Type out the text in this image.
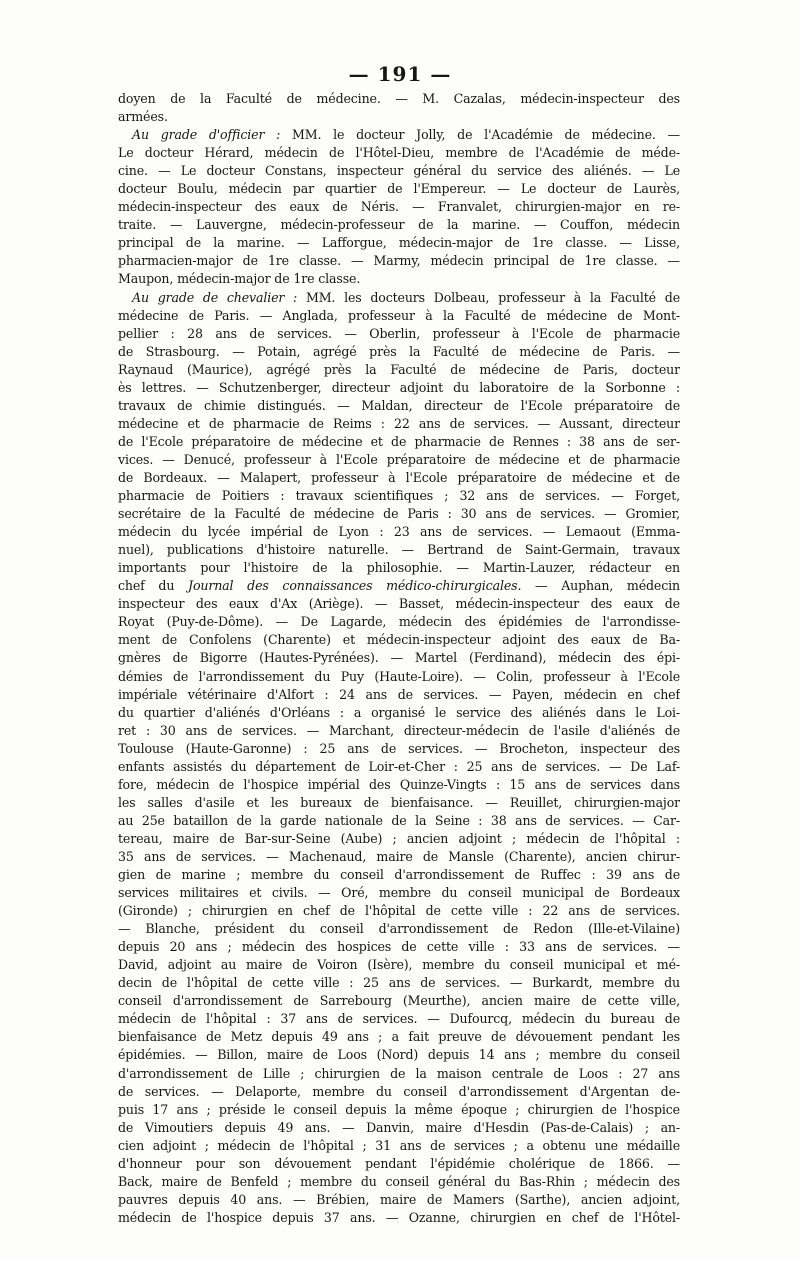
— 191 —
doyen de la Faculté de médecine. — M. Cazalas, médecin-inspecteur des
armées.
Au grade d'officier : MM. le docteur Jolly, de l'Académie de médecine. —
Le docteur Hérard, médecin de l'Hôtel-Dieu, membre de l'Académie de méde-
cine. — Le docteur Constans, inspecteur général du service des aliénés. — Le
docteur Boulu, médecin par quartier de l'Empereur. — Le docteur de Laurès,
médecin-inspecteur des eaux de Néris. — Franvalet, chirurgien-major en re-
traite. — Lauvergne, médecin-professeur de la marine. — Couffon, médecin
principal de la marine. — Lafforgue, médecin-major de 1re classe. — Lisse,
pharmacien-major de 1re classe. — Marmy, médecin principal de 1re classe. —
Maupon, médecin-major de 1re classe.
Au grade de chevalier : MM. les docteurs Dolbeau, professeur à la Faculté de
médecine de Paris. — Anglada, professeur à la Faculté de médecine de Mont-
pellier : 28 ans de services. — Oberlin, professeur à l'Ecole de pharmacie
de Strasbourg. — Potain, agrégé près la Faculté de médecine de Paris. —
Raynaud (Maurice), agrégé près la Faculté de médecine de Paris, docteur
ès lettres. — Schutzenberger, directeur adjoint du laboratoire de la Sorbonne :
travaux de chimie distingués. — Maldan, directeur de l'Ecole préparatoire de
médecine et de pharmacie de Reims : 22 ans de services. — Aussant, directeur
de l'Ecole préparatoire de médecine et de pharmacie de Rennes : 38 ans de ser-
vices. — Denucé, professeur à l'Ecole préparatoire de médecine et de pharmacie
de Bordeaux. — Malapert, professeur à l'Ecole préparatoire de médecine et de
pharmacie de Poitiers : travaux scientifiques ; 32 ans de services. — Forget,
secrétaire de la Faculté de médecine de Paris : 30 ans de services. — Gromier,
médecin du lycée impérial de Lyon : 23 ans de services. — Lemaout (Emma-
nuel), publications d'histoire naturelle. — Bertrand de Saint-Germain, travaux
importants pour l'histoire de la philosophie. — Martin-Lauzer, rédacteur en
chef du Journal des connaissances médico-chirurgicales. — Auphan, médecin
inspecteur des eaux d'Ax (Ariège). — Basset, médecin-inspecteur des eaux de
Royat (Puy-de-Dôme). — De Lagarde, médecin des épidémies de l'arrondisse-
ment de Confolens (Charente) et médecin-inspecteur adjoint des eaux de Ba-
gnères de Bigorre (Hautes-Pyrénées). — Martel (Ferdinand), médecin des épi-
démies de l'arrondissement du Puy (Haute-Loire). — Colin, professeur à l'Ecole
impériale vétérinaire d'Alfort : 24 ans de services. — Payen, médecin en chef
du quartier d'aliénés d'Orléans : a organisé le service des aliénés dans le Loi-
ret : 30 ans de services. — Marchant, directeur-médecin de l'asile d'aliénés de
Toulouse (Haute-Garonne) : 25 ans de services. — Brocheton, inspecteur des
enfants assistés du département de Loir-et-Cher : 25 ans de services. — De Laf-
fore, médecin de l'hospice impérial des Quinze-Vingts : 15 ans de services dans
les salles d'asile et les bureaux de bienfaisance. — Reuillet, chirurgien-major
au 25e bataillon de la garde nationale de la Seine : 38 ans de services. — Car-
tereau, maire de Bar-sur-Seine (Aube) ; ancien adjoint ; médecin de l'hôpital :
35 ans de services. — Machenaud, maire de Mansle (Charente), ancien chirur-
gien de marine ; membre du conseil d'arrondissement de Ruffec : 39 ans de
services militaires et civils. — Oré, membre du conseil municipal de Bordeaux
(Gironde) ; chirurgien en chef de l'hôpital de cette ville : 22 ans de services.
— Blanche, président du conseil d'arrondissement de Redon (Ille-et-Vilaine)
depuis 20 ans ; médecin des hospices de cette ville : 33 ans de services. —
David, adjoint au maire de Voiron (Isère), membre du conseil municipal et mé-
decin de l'hôpital de cette ville : 25 ans de services. — Burkardt, membre du
conseil d'arrondissement de Sarrebourg (Meurthe), ancien maire de cette ville,
médecin de l'hôpital : 37 ans de services. — Dufourcq, médecin du bureau de
bienfaisance de Metz depuis 49 ans ; a fait preuve de dévouement pendant les
épidémies. — Billon, maire de Loos (Nord) depuis 14 ans ; membre du conseil
d'arrondissement de Lille ; chirurgien de la maison centrale de Loos : 27 ans
de services. — Delaporte, membre du conseil d'arrondissement d'Argentan de-
puis 17 ans ; préside le conseil depuis la même époque ; chirurgien de l'hospice
de Vimoutiers depuis 49 ans. — Danvin, maire d'Hesdin (Pas-de-Calais) ; an-
cien adjoint ; médecin de l'hôpital ; 31 ans de services ; a obtenu une médaille
d'honneur pour son dévouement pendant l'épidémie cholérique de 1866. —
Back, maire de Benfeld ; membre du conseil général du Bas-Rhin ; médecin des
pauvres depuis 40 ans. — Brébien, maire de Mamers (Sarthe), ancien adjoint,
médecin de l'hospice depuis 37 ans. — Ozanne, chirurgien en chef de l'Hôtel-
